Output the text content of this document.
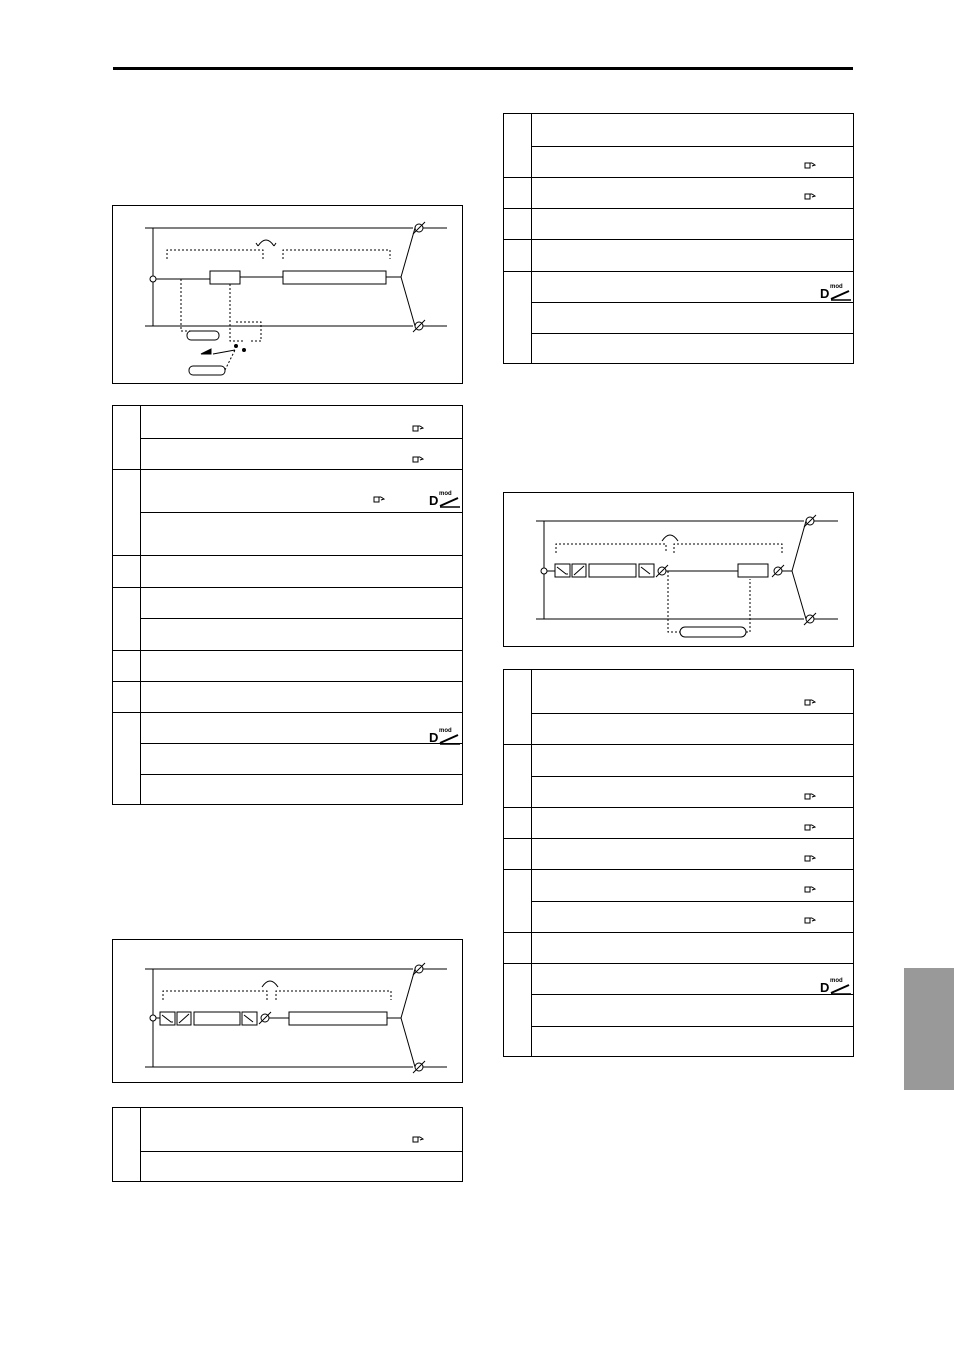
D mod
D mod
D mod
D mod
